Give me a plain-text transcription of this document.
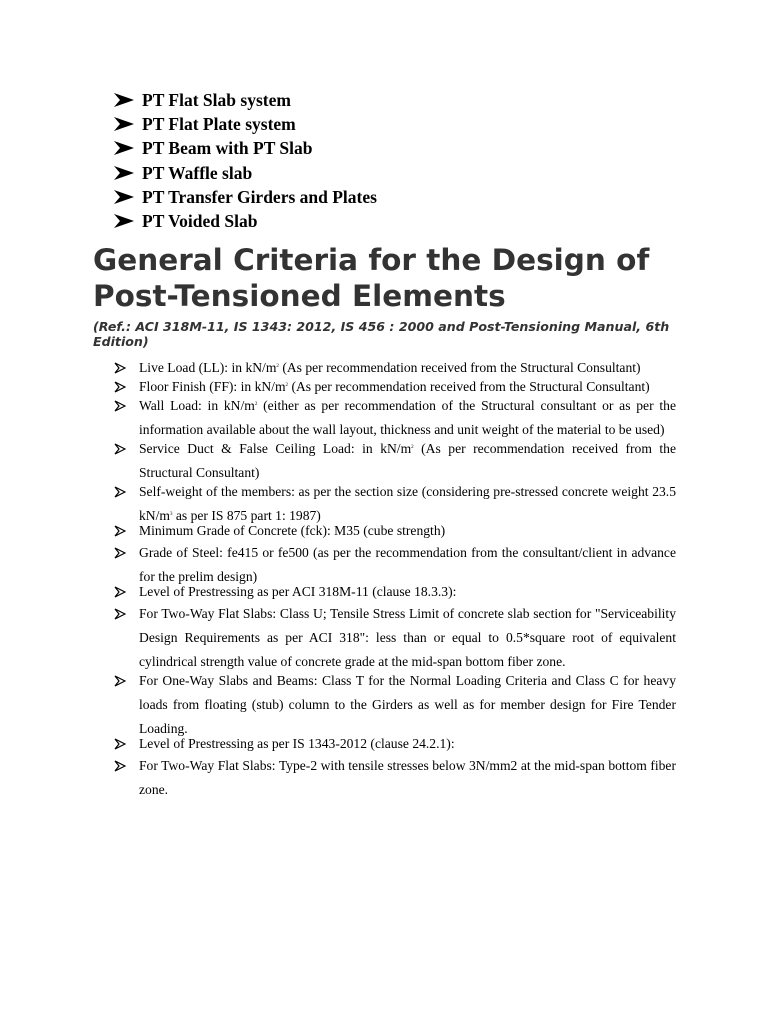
PT Flat Slab system
PT Flat Plate system
PT Beam with PT Slab
PT Waffle slab
PT Transfer Girders and Plates
PT Voided Slab
General Criteria for the Design of Post-Tensioned Elements

(Ref.: ACI 318M-11, IS 1343: 2012, IS 456 : 2000 and Post-Tensioning Manual, 6th Edition)

Live Load (LL): in $kN/m^2$ (As per recommendation received from the Structural Consultant)
Floor Finish (FF): in $kN/m^2$ (As per recommendation received from the Structural Consultant)
Wall Load: in $kN/m^2$ (either as per recommendation of the Structural consultant or as per the information available about the wall layout, thickness and unit weight of the material to be used)
Service Duct & False Ceiling Load: in $kN/m^2$ (As per recommendation received from the Structural Consultant)
Self-weight of the members: as per the section size (considering pre-stressed concrete weight 23.5 $kN/m^3$ as per IS 875 part 1: 1987)
Minimum Grade of Concrete (fck): M35 (cube strength)
Grade of Steel: fe415 or fe500 (as per the recommendation from the consultant/client in advance for the prelim design)
Level of Prestressing as per ACI 318M-11 (clause 18.3.3):
For Two-Way Flat Slabs: Class U; Tensile Stress Limit of concrete slab section for "Serviceability Design Requirements as per ACI 318": less than or equal to 0.5*square root of equivalent cylindrical strength value of concrete grade at the mid-span bottom fiber zone.
For One-Way Slabs and Beams: Class T for the Normal Loading Criteria and Class C for heavy loads from floating (stub) column to the Girders as well as for member design for Fire Tender Loading.
Level of Prestressing as per IS 1343-2012 (clause 24.2.1):
For Two-Way Flat Slabs: Type-2 with tensile stresses below 3N/mm2 at the mid-span bottom fiber zone.
